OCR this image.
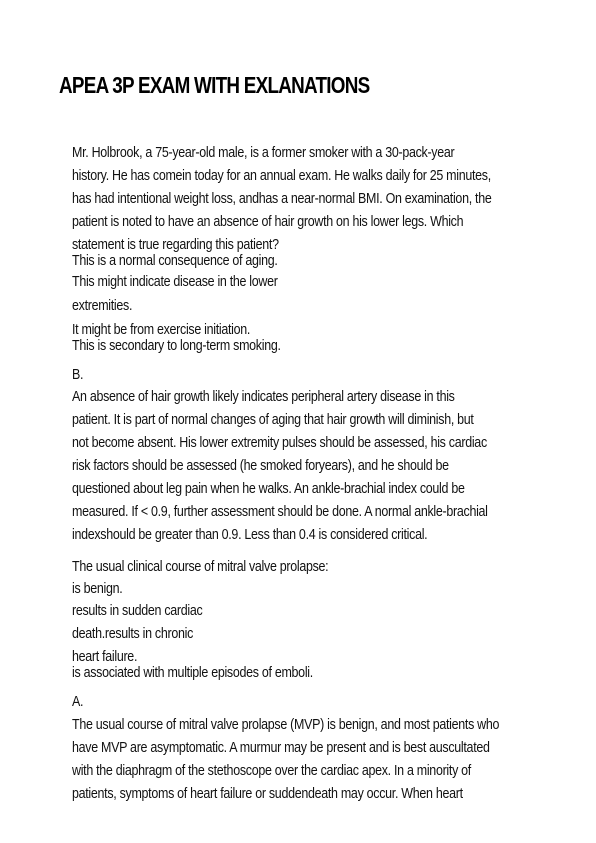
APEA 3P EXAM WITH EXLANATIONS

Mr. Holbrook, a 75-year-old male, is a former smoker with a 30-pack-year

history. He has comein today for an annual exam. He walks daily for 25 minutes,

has had intentional weight loss, andhas a near-normal BMI. On examination, the

patient is noted to have an absence of hair growth on his lower legs. Which

statement is true regarding this patient?

This is a normal consequence of aging.

This might indicate disease in the lower

extremities.

It might be from exercise initiation.

This is secondary to long-term smoking.

B.

An absence of hair growth likely indicates peripheral artery disease in this

patient. It is part of normal changes of aging that hair growth will diminish, but

not become absent. His lower extremity pulses should be assessed, his cardiac

risk factors should be assessed (he smoked foryears), and he should be

questioned about leg pain when he walks. An ankle-brachial index could be

measured. If < 0.9, further assessment should be done. A normal ankle-brachial

indexshould be greater than 0.9. Less than 0.4 is considered critical.

The usual clinical course of mitral valve prolapse:

is benign.

results in sudden cardiac

death.results in chronic

heart failure.

is associated with multiple episodes of emboli.

A.

The usual course of mitral valve prolapse (MVP) is benign, and most patients who

have MVP are asymptomatic. A murmur may be present and is best auscultated

with the diaphragm of the stethoscope over the cardiac apex. In a minority of

patients, symptoms of heart failure or suddendeath may occur. When heart
